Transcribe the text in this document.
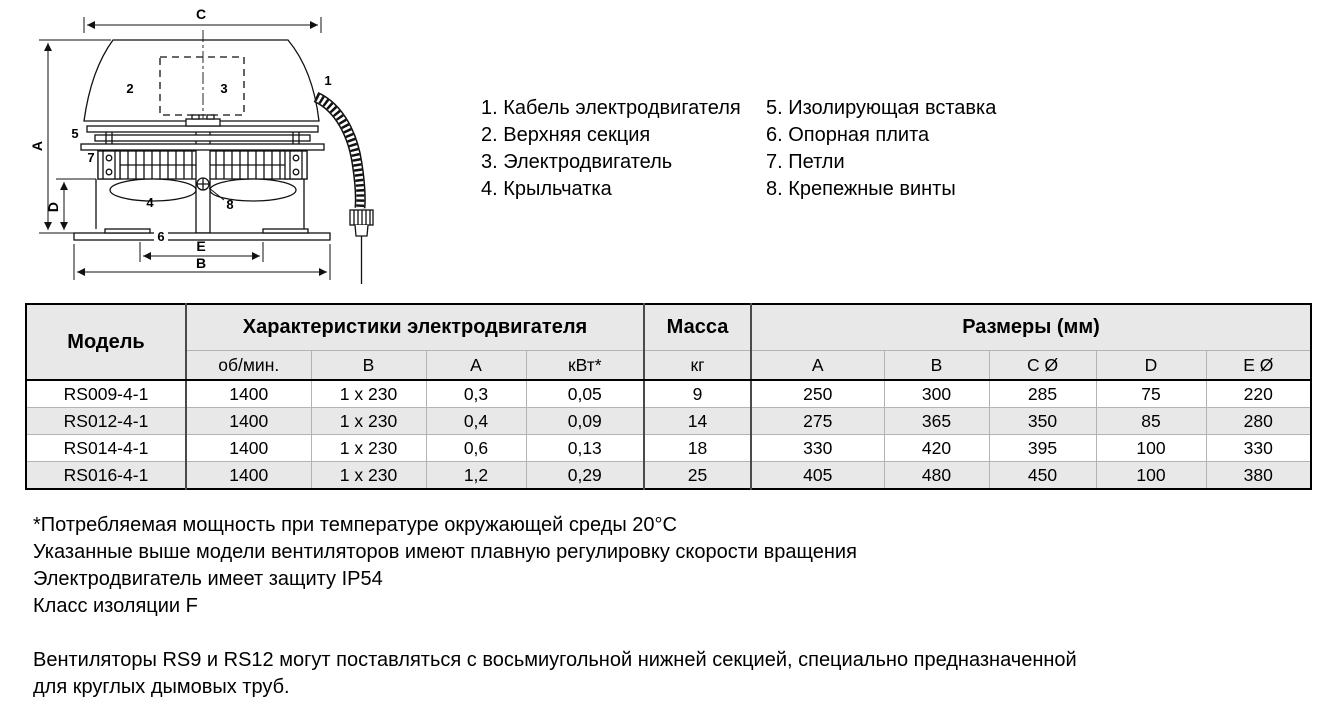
C
A
D
E
B
1
2	3
4
5
6
7
8
1. Кабель электродвигателя
2. Верхняя секция
3. Электродвигатель
4. Крыльчатка
5. Изолирующая вставка
6. Опорная плита
7. Петли
8. Крепежные винты
Модель	Характеристики электродвигателя				Масса	Размеры (мм)				
	об/мин.	В	А	кВт*	кг	A	B	C Ø	D	E Ø
RS009-4-1	1400	1 x 230	0,3	0,05	9	250	300	285	75	220
RS012-4-1	1400	1 x 230	0,4	0,09	14	275	365	350	85	280
RS014-4-1	1400	1 x 230	0,6	0,13	18	330	420	395	100	330
RS016-4-1	1400	1 x 230	1,2	0,29	25	405	480	450	100	380

*Потребляемая мощность при температуре окружающей среды 20°C

Указанные выше модели вентиляторов имеют плавную регулировку скорости вращения

Электродвигатель имеет защиту IP54

Класс изоляции F

Вентиляторы RS9 и RS12 могут поставляться с восьмиугольной нижней секцией, специально предназначенной

для круглых дымовых труб.
